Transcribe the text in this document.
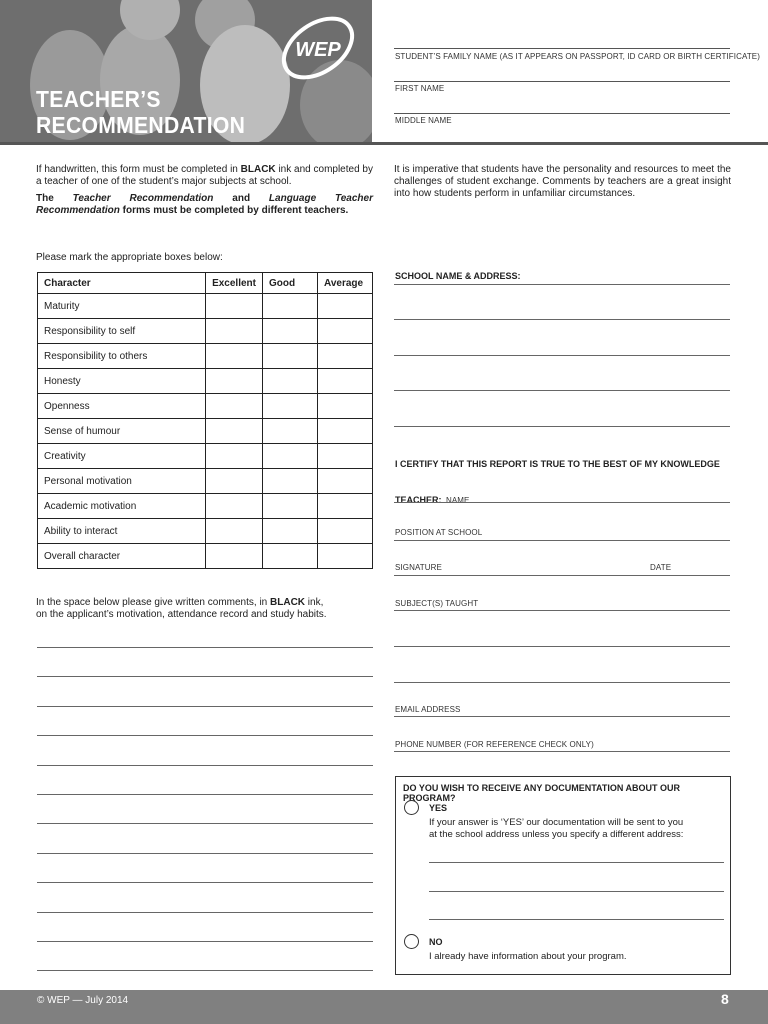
WEP
TEACHER’S
RECOMMENDATION
STUDENT’S FAMILY NAME (AS IT APPEARS ON PASSPORT, ID CARD OR BIRTH CERTIFICATE)
FIRST NAME
MIDDLE NAME
If handwritten, this form must be completed in BLACK ink and completed by a teacher of one of the student’s major subjects at school.
The Teacher Recommendation and Language Teacher Recommendation forms must be completed by different teachers.
It is imperative that students have the personality and resources to meet the challenges of student exchange. Comments by teachers are a great insight into how students perform in unfamiliar circumstances.
Please mark the appropriate boxes below:
Character	Excellent	Good	Average
Maturity			
Responsibility to self			
Responsibility to others			
Honesty			
Openness			
Sense of humour			
Creativity			
Personal motivation			
Academic motivation			
Ability to interact			
Overall character			
In the space below please give written comments, in BLACK ink,
on the applicant’s motivation, attendance record and study habits.
SCHOOL NAME & ADDRESS:
I CERTIFY THAT THIS REPORT IS TRUE TO THE BEST OF MY KNOWLEDGE
TEACHER: NAME
POSITION AT SCHOOL
SIGNATURE	DATE
SUBJECT(S) TAUGHT
EMAIL ADDRESS
PHONE NUMBER (FOR REFERENCE CHECK ONLY)
DO YOU WISH TO RECEIVE ANY DOCUMENTATION ABOUT OUR PROGRAM?
YES
If your answer is ‘YES’ our documentation will be sent to you
at the school address unless you specify a different address:
NO
I already have information about your program.
© WEP — July 2014	8
